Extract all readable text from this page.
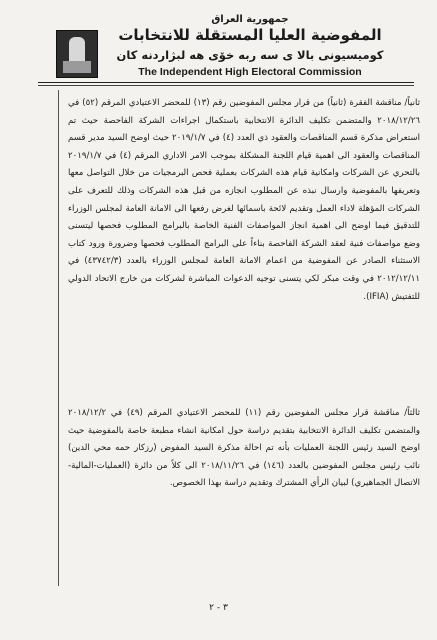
جمهورية العراق
المفوضية العليا المستقلة للانتخابات
كومیسیونی بالا ی سه ربه خۆی هه لبژاردنه كان
The Independent High Electoral Commission

ثانياً/ مناقشة الفقرة (ثانياً) من قرار مجلس المفوضين رقم (١٣) للمحضر الاعتيادي المرقم (٥٢) في ٢٠١٨/١٢/٢٦ والمتضمن تكليف الدائرة الانتخابية باستكمال اجراءات الشركة الفاحصة حيث تم استعراض مذكرة قسم المناقصات والعقود ذي العدد (٤) في ٢٠١٩/١/٧ حيث اوضح السيد مدير قسم المناقصات والعقود الى اهمية قيام اللجنة المشكلة بموجب الامر الاداري المرقم (٤) في ٢٠١٩/١/٧ بالتحري عن الشركات وامكانية قيام هذه الشركات بعملية فحص البرمجيات من خلال التواصل معها وتعريفها بالمفوضية وارسال نبذه عن المطلوب انجازه من قبل هذه الشركات وذلك للتعرف على الشركات المؤهلة لاداء العمل وتقديم لائحة باسمائها لغرض رفعها الى الامانة العامة لمجلس الوزراء للتدقيق فيما اوضح الى اهمية انجاز المواصفات الفنية الخاصة بالبرامج المطلوب فحصها ليتسنى وضع مواصفات فنية لعقد الشركة الفاحصة بناءاً على البرامج المطلوب فحصها وضرورة ورود كتاب الاستثناء الصادر عن المفوضية من اعمام الامانة العامة لمجلس الوزراء بالعدد (٤٣٧٤٢/٣) في ٢٠١٢/١٢/١١ في وقت مبكر لكي يتسنى توجيه الدعوات المباشرة لشركات من خارج الاتحاد الدولي للتفتيش (IFIA).

ثالثاً/ مناقشة قرار مجلس المفوضين رقم (١١) للمحضر الاعتيادي المرقم (٤٩) في ٢٠١٨/١٢/٢ والمتضمن تكليف الدائرة الانتخابية بتقديم دراسة حول امكانية انشاء مطبعة خاصة بالمفوضية حيث اوضح السيد رئيس اللجنة العمليات بأنه تم احالة مذكرة السيد المفوض (رزكار حمه محي الدين) نائب رئيس مجلس المفوضين بالعدد (١٤٦) في ٢٠١٨/١١/٢٦ الى كلاً من دائرة (العمليات-المالية-الاتصال الجماهيري) لبيان الرأي المشترك وتقديم دراسة بهذا الخصوص.

٣ - ٢
